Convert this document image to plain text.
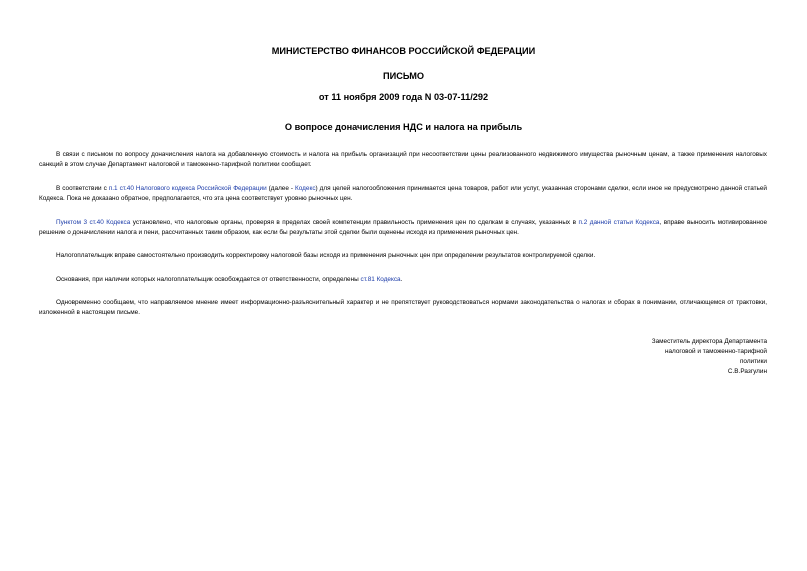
МИНИСТЕРСТВО ФИНАНСОВ РОССИЙСКОЙ ФЕДЕРАЦИИ
ПИСЬМО
от 11 ноября 2009 года N 03-07-11/292
О вопросе доначисления НДС и налога на прибыль

В связи с письмом по вопросу доначисления налога на добавленную стоимость и налога на прибыль организаций при несоответствии цены реализованного недвижимого имущества рыночным ценам, а также применения налоговых санкций в этом случае Департамент налоговой и таможенно-тарифной политики сообщает.

В соответствии с п.1 ст.40 Налогового кодекса Российской Федерации (далее - Кодекс) для целей налогообложения принимается цена товаров, работ или услуг, указанная сторонами сделки, если иное не предусмотрено данной статьей Кодекса. Пока не доказано обратное, предполагается, что эта цена соответствует уровню рыночных цен.

Пунктом 3 ст.40 Кодекса установлено, что налоговые органы, проверяя в пределах своей компетенции правильность применения цен по сделкам в случаях, указанных в п.2 данной статьи Кодекса, вправе выносить мотивированное решение о доначислении налога и пени, рассчитанных таким образом, как если бы результаты этой сделки были оценены исходя из применения рыночных цен.

Налогоплательщик вправе самостоятельно производить корректировку налоговой базы исходя из применения рыночных цен при определении результатов контролируемой сделки.

Основания, при наличии которых налогоплательщик освобождается от ответственности, определены ст.81 Кодекса.

Одновременно сообщаем, что направляемое мнение имеет информационно-разъяснительный характер и не препятствует руководствоваться нормами законодательства о налогах и сборах в понимании, отличающемся от трактовки, изложенной в настоящем письме.

Заместитель директора Департамента
налоговой и таможенно-тарифной
политики
С.В.Разгулин
